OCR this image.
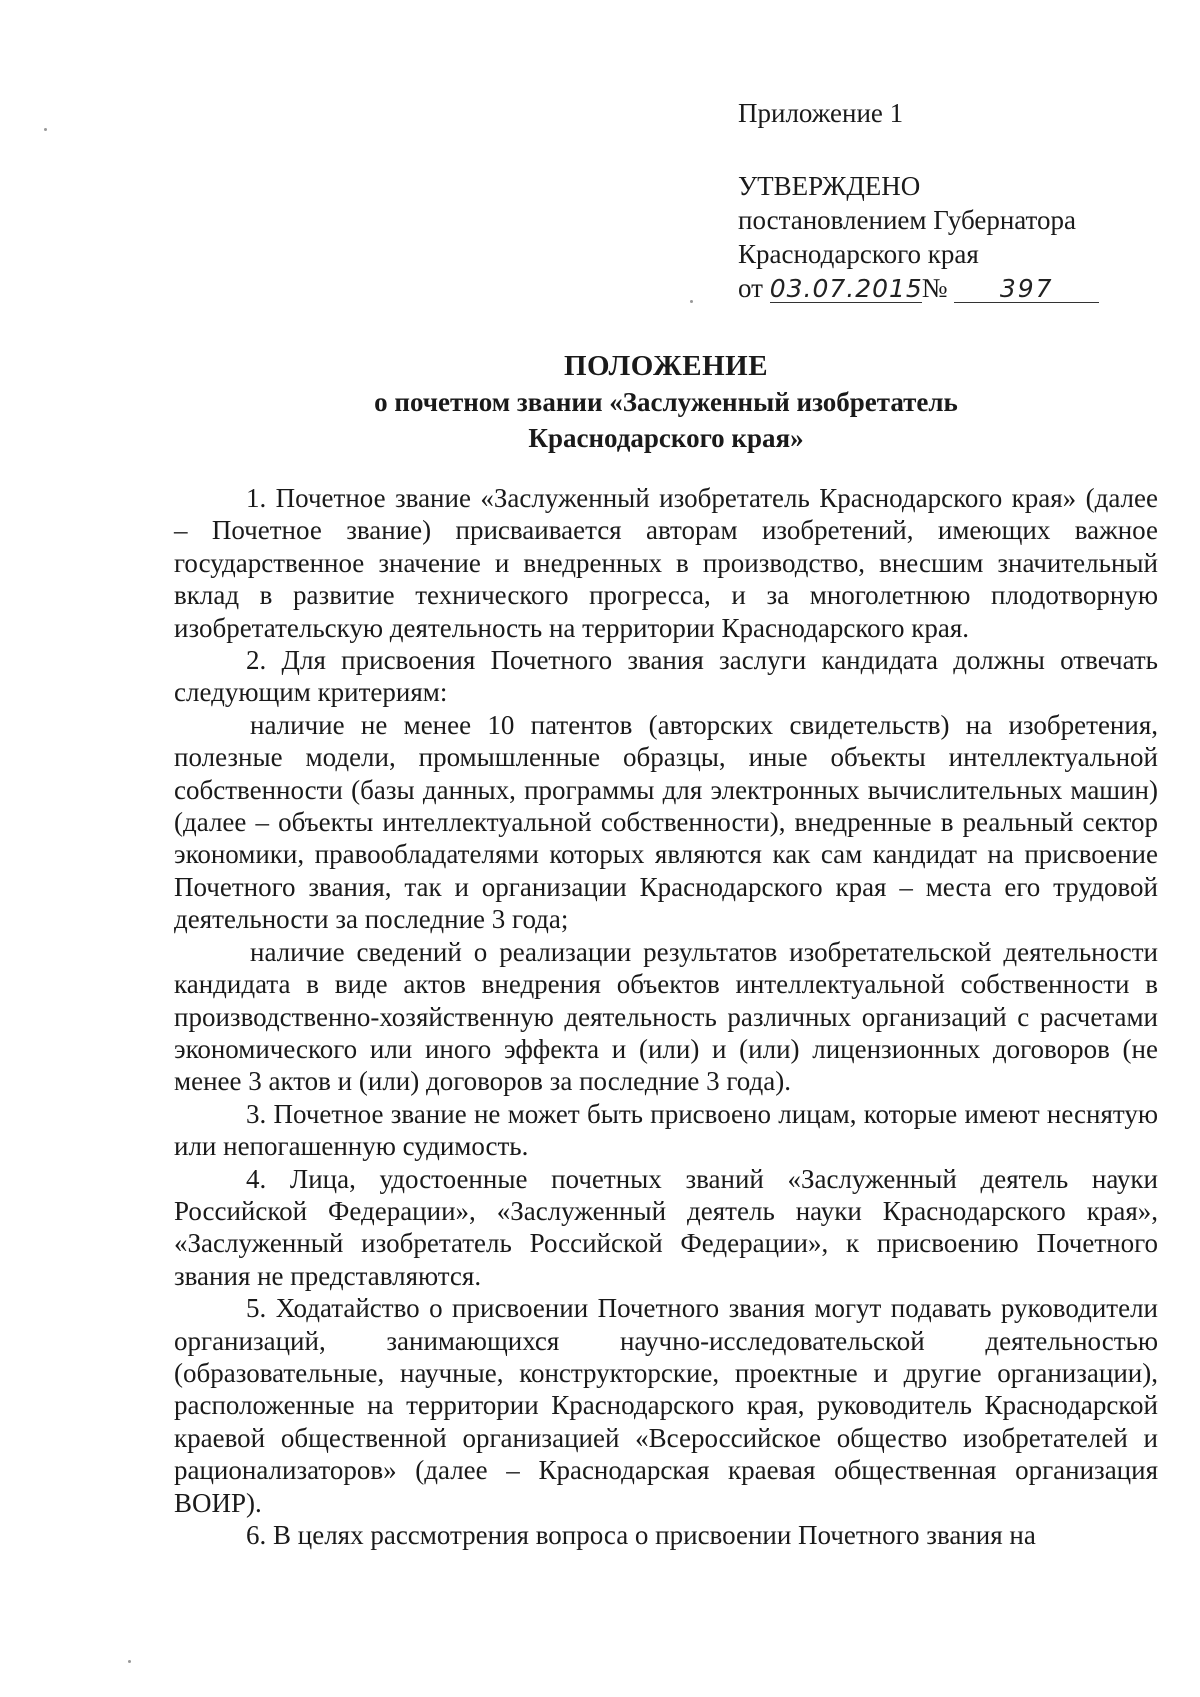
Приложение 1
УТВЕРЖДЕНО
постановлением Губернатора
Краснодарского края
от 03.07.2015№ 397
ПОЛОЖЕНИЕ
о почетном звании «Заслуженный изобретатель
Краснодарского края»

1. Почетное звание «Заслуженный изобретатель Краснодарского края» (далее – Почетное звание) присваивается авторам изобретений, имеющих важное государственное значение и внедренных в производство, внесшим значительный вклад в развитие технического прогресса, и за многолетнюю плодотворную изобретательскую деятельность на территории Краснодарского края.

2. Для присвоения Почетного звания заслуги кандидата должны отвечать следующим критериям:

наличие не менее 10 патентов (авторских свидетельств) на изобретения, полезные модели, промышленные образцы, иные объекты интеллектуальной собственности (базы данных, программы для электронных вычислительных машин) (далее – объекты интеллектуальной собственности), внедренные в реальный сектор экономики, правообладателями которых являются как сам кандидат на присвоение Почетного звания, так и организации Краснодарского края – места его трудовой деятельности за последние 3 года;

наличие сведений о реализации результатов изобретательской деятельности кандидата в виде актов внедрения объектов интеллектуальной собственности в производственно-хозяйственную деятельность различных организаций с расчетами экономического или иного эффекта и (или) и (или) лицензионных договоров (не менее 3 актов и (или) договоров за последние 3 года).

3. Почетное звание не может быть присвоено лицам, которые имеют неснятую или непогашенную судимость.

4. Лица, удостоенные почетных званий «Заслуженный деятель науки Российской Федерации», «Заслуженный деятель науки Краснодарского края», «Заслуженный изобретатель Российской Федерации», к присвоению Почетного звания не представляются.

5. Ходатайство о присвоении Почетного звания могут подавать руководители организаций, занимающихся научно-исследовательской деятельностью (образовательные, научные, конструкторские, проектные и другие организации), расположенные на территории Краснодарского края, руководитель Краснодарской краевой общественной организацией «Всероссийское общество изобретателей и рационализаторов» (далее – Краснодарская краевая общественная организация ВОИР).

6. В целях рассмотрения вопроса о присвоении Почетного звания на
